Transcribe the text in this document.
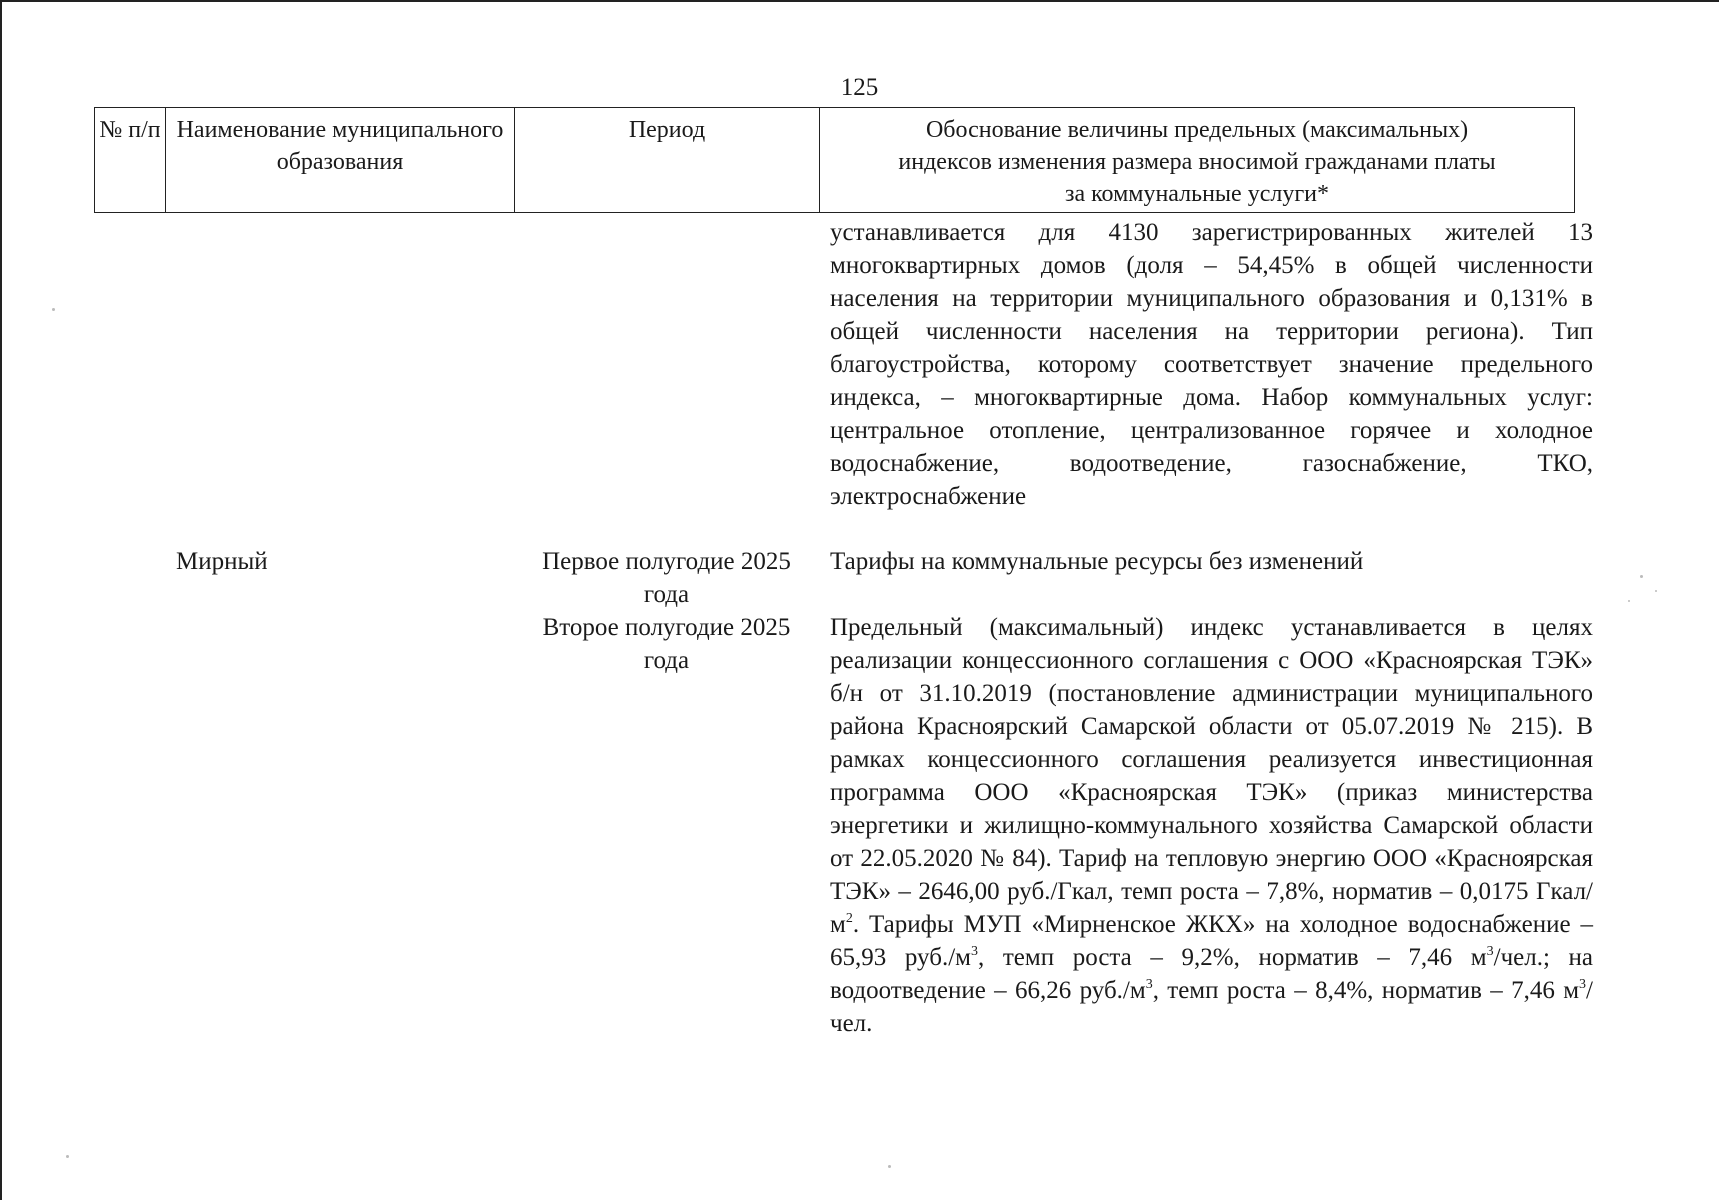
125
№ п/п Наименование муниципального образования
Период	Обоснование величины предельных (максимальных)
индексов изменения размера вносимой гражданами платы
за коммунальные услуги*
устанавливается для 4130 зарегистрированных жителей 13 многоквартирных домов (доля – 54,45% в общей численности населения на территории муниципального образования и 0,131% в общей численности населения на территории региона). Тип благоустройства, которому соответствует значение предельного индекса, – многоквартирные дома. Набор коммунальных услуг: центральное отопление, централизованное горячее и холодное водоснабжение, водоотведение, газоснабжение, ТКО, электроснабжение
Мирный	Первое полугодие 2025 года
Тарифы на коммунальные ресурсы без изменений
Второе полугодие 2025 года
Предельный (максимальный) индекс устанавливается в целях реализации концессионного соглашения с ООО «Красноярская ТЭК» б/н от 31.10.2019 (постановление администрации муниципального района Красноярский Самарской области от 05.07.2019 № 215). В рамках концессионного соглашения реализуется инвестиционная программа ООО «Красноярская ТЭК» (приказ министерства энергетики и жилищно-коммунального хозяйства Самарской области от 22.05.2020 № 84). Тариф на тепловую энергию ООО «Красноярская ТЭК» – 2646,00 руб./Гкал, темп роста – 7,8%, норматив – 0,0175 Гкал/$м^2$. Тарифы МУП «Мирненское ЖКХ» на холодное водоснабжение – 65,93 $руб./м^3$, темп роста – 9,2%, норматив – 7,46 $м^3$/чел.; на водоотведение – 66,26 $руб./м^3$, темп роста – 8,4%, норматив – 7,46 $м^3$/чел.
